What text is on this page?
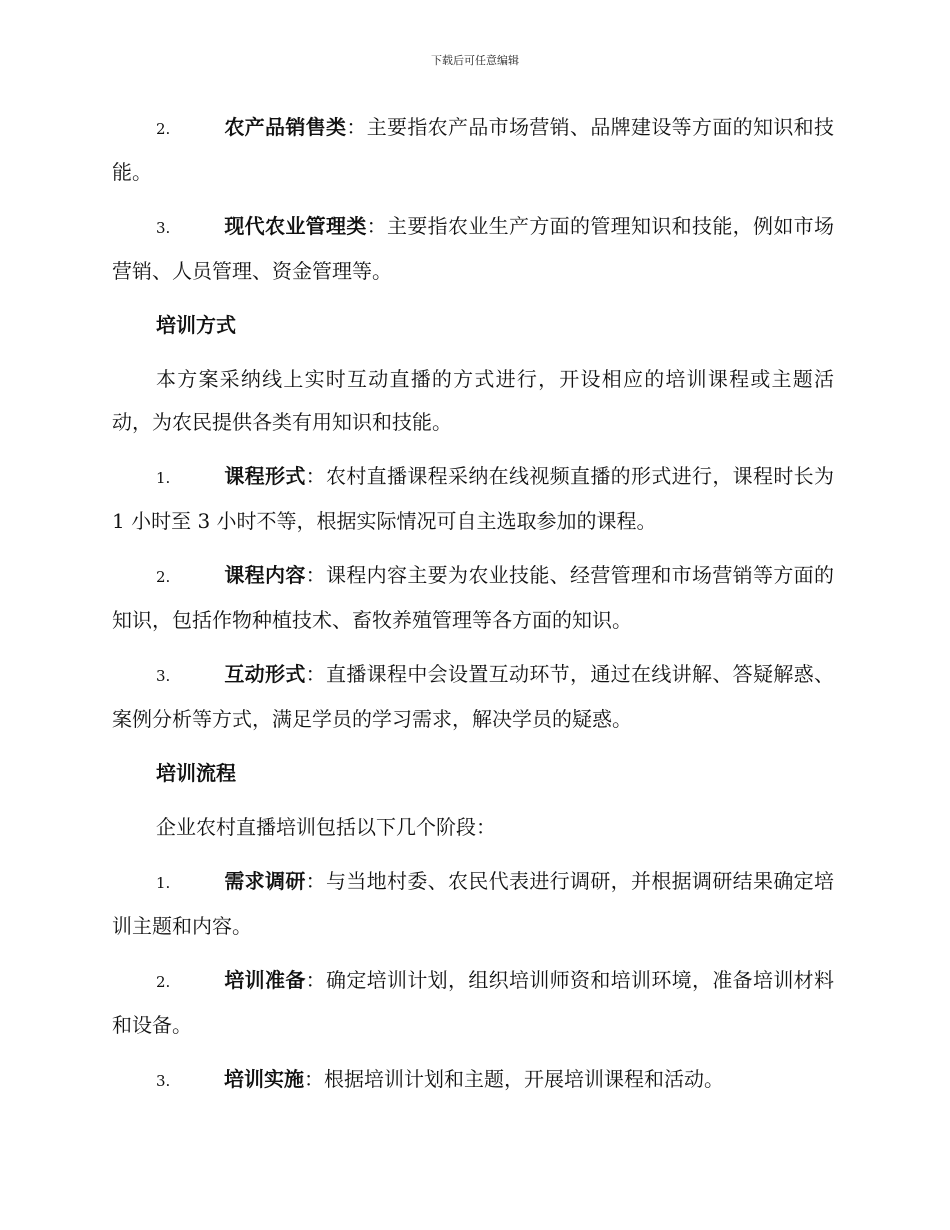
下载后可任意编辑

2.	农产品销售类：主要指农产品市场营销、品牌建设等方面的知识和技能。

3.	现代农业管理类：主要指农业生产方面的管理知识和技能，例如市场营销、人员管理、资金管理等。

培训方式

本方案采纳线上实时互动直播的方式进行，开设相应的培训课程或主题活动，为农民提供各类有用知识和技能。

1.	课程形式：农村直播课程采纳在线视频直播的形式进行，课程时长为 1 小时至 3 小时不等，根据实际情况可自主选取参加的课程。

2.	课程内容：课程内容主要为农业技能、经营管理和市场营销等方面的知识，包括作物种植技术、畜牧养殖管理等各方面的知识。

3.	互动形式：直播课程中会设置互动环节，通过在线讲解、答疑解惑、案例分析等方式，满足学员的学习需求，解决学员的疑惑。

培训流程

企业农村直播培训包括以下几个阶段：

1.	需求调研：与当地村委、农民代表进行调研，并根据调研结果确定培训主题和内容。

2.	培训准备：确定培训计划，组织培训师资和培训环境，准备培训材料和设备。

3.	培训实施：根据培训计划和主题，开展培训课程和活动。
